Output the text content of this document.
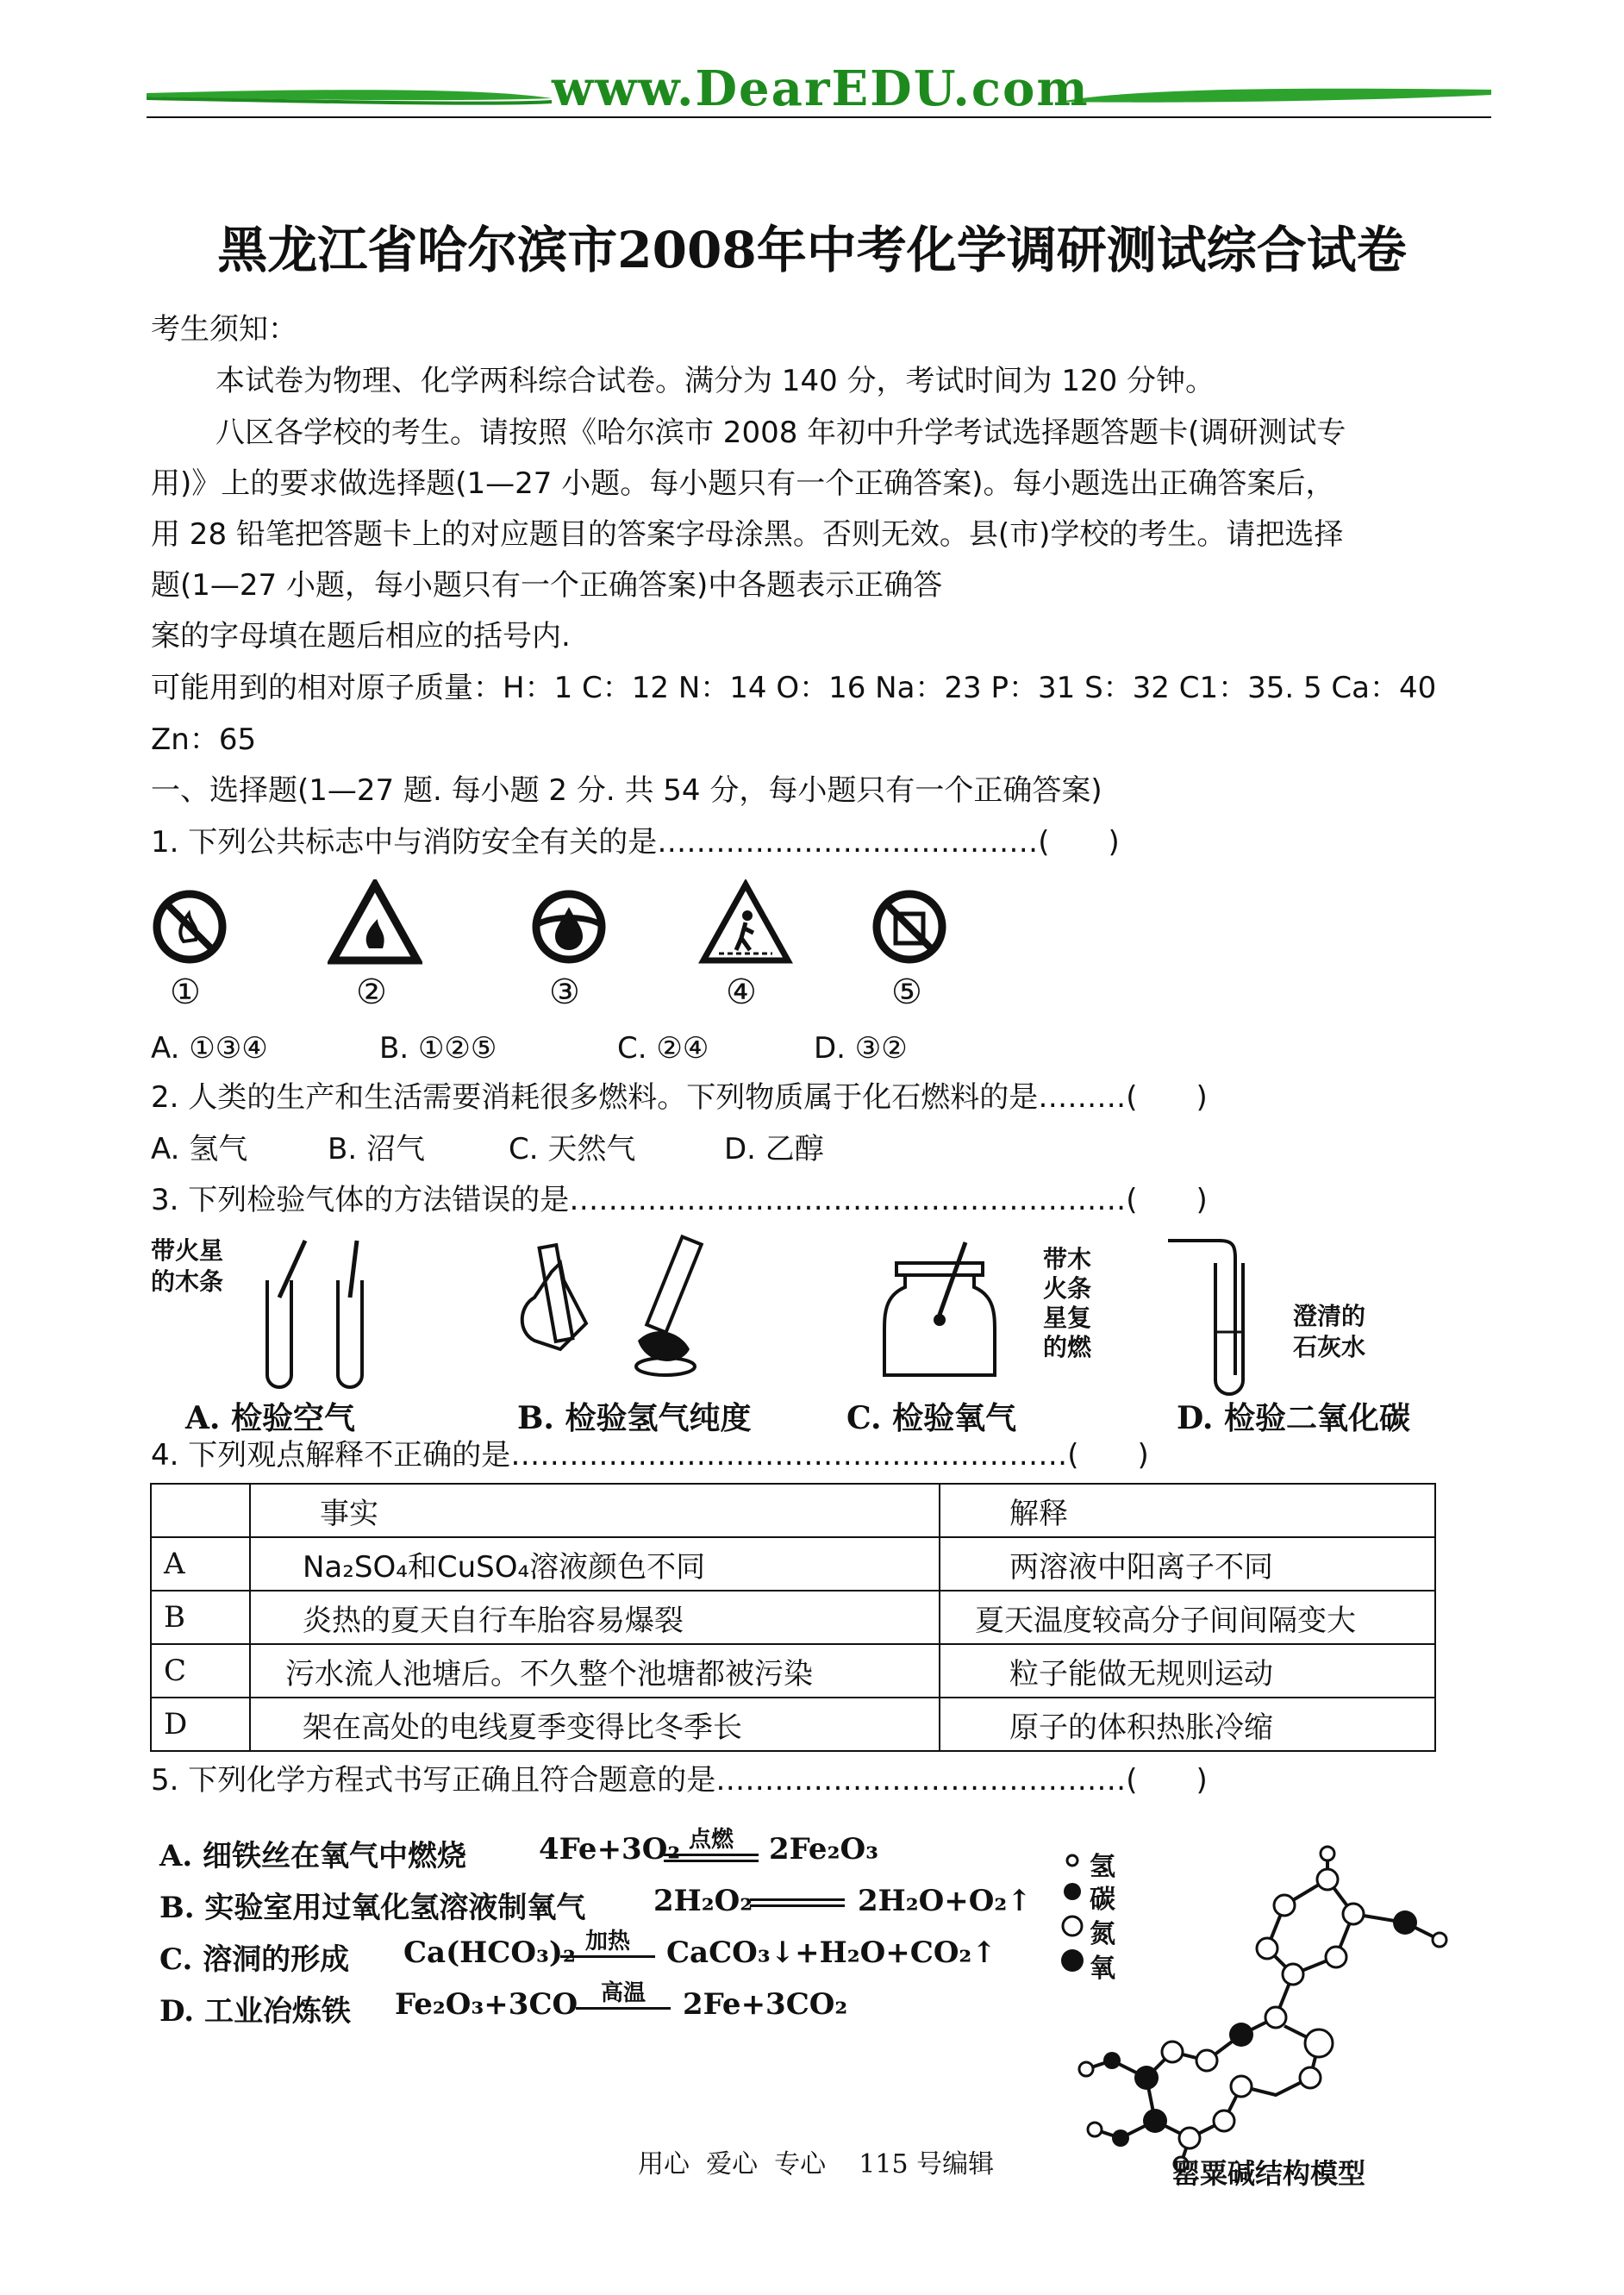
www.DearEDU.com
黑龙江省哈尔滨市2008年中考化学调研测试综合试卷
考生须知：
本试卷为物理、化学两科综合试卷。满分为 140 分，考试时间为 120 分钟。
八区各学校的考生。请按照《哈尔滨市 2008 年初中升学考试选择题答题卡(调研测试专
用)》上的要求做选择题(1—27 小题。每小题只有一个正确答案)。每小题选出正确答案后，
用 28 铅笔把答题卡上的对应题目的答案字母涂黑。否则无效。县(市)学校的考生。请把选择
题(1—27 小题，每小题只有一个正确答案)中各题表示正确答
案的字母填在题后相应的括号内.
可能用到的相对原子质量：H：1 C：12 N：14 O：16 Na：23 P：31 S：32 C1：35. 5 Ca：40
Zn：65
一、选择题(1—27 题. 每小题 2 分. 共 54 分，每小题只有一个正确答案)
1. 下列公共标志中与消防安全有关的是…………………………………(　　)
①	②	③	④	⑤
A. ①③④	B. ①②⑤	C. ②④	D. ③②
2. 人类的生产和生活需要消耗很多燃料。下列物质属于化石燃料的是………(　　)
A. 氢气	B. 沼气	C. 天然气	D. 乙醇
3. 下列检验气体的方法错误的是…………………………………………………(　　)
带火星
的木条
带木
火条
星复
的燃
澄清的
石灰水
A. 检验空气	B. 检验氢气纯度	C. 检验氧气	D. 检验二氧化碳
4. 下列观点解释不正确的是…………………………………………………(　　)
	事实	解释
A	Na₂SO₄和CuSO₄溶液颜色不同	两溶液中阳离子不同
B	炎热的夏天自行车胎容易爆裂	夏天温度较高分子间间隔变大
C	污水流人池塘后。不久整个池塘都被污染	粒子能做无规则运动
D	架在高处的电线夏季变得比冬季长	原子的体积热胀冷缩
5. 下列化学方程式书写正确且符合题意的是……………………………………(　　)
A. 细铁丝在氧气中燃烧 4Fe+3O₂ 点燃	2Fe₂O₃
B. 实验室用过氧化氢溶液制氧气 2H₂O₂	2H₂O+O₂↑
C. 溶洞的形成 Ca(HCO₃)₂ 加热	CaCO₃↓+H₂O+CO₂↑
D. 工业冶炼铁 Fe₂O₃+3CO	高温	2Fe+3CO₂
氢
碳
氮
氧
罂粟碱结构模型
用心  爱心  专心    115 号编辑
